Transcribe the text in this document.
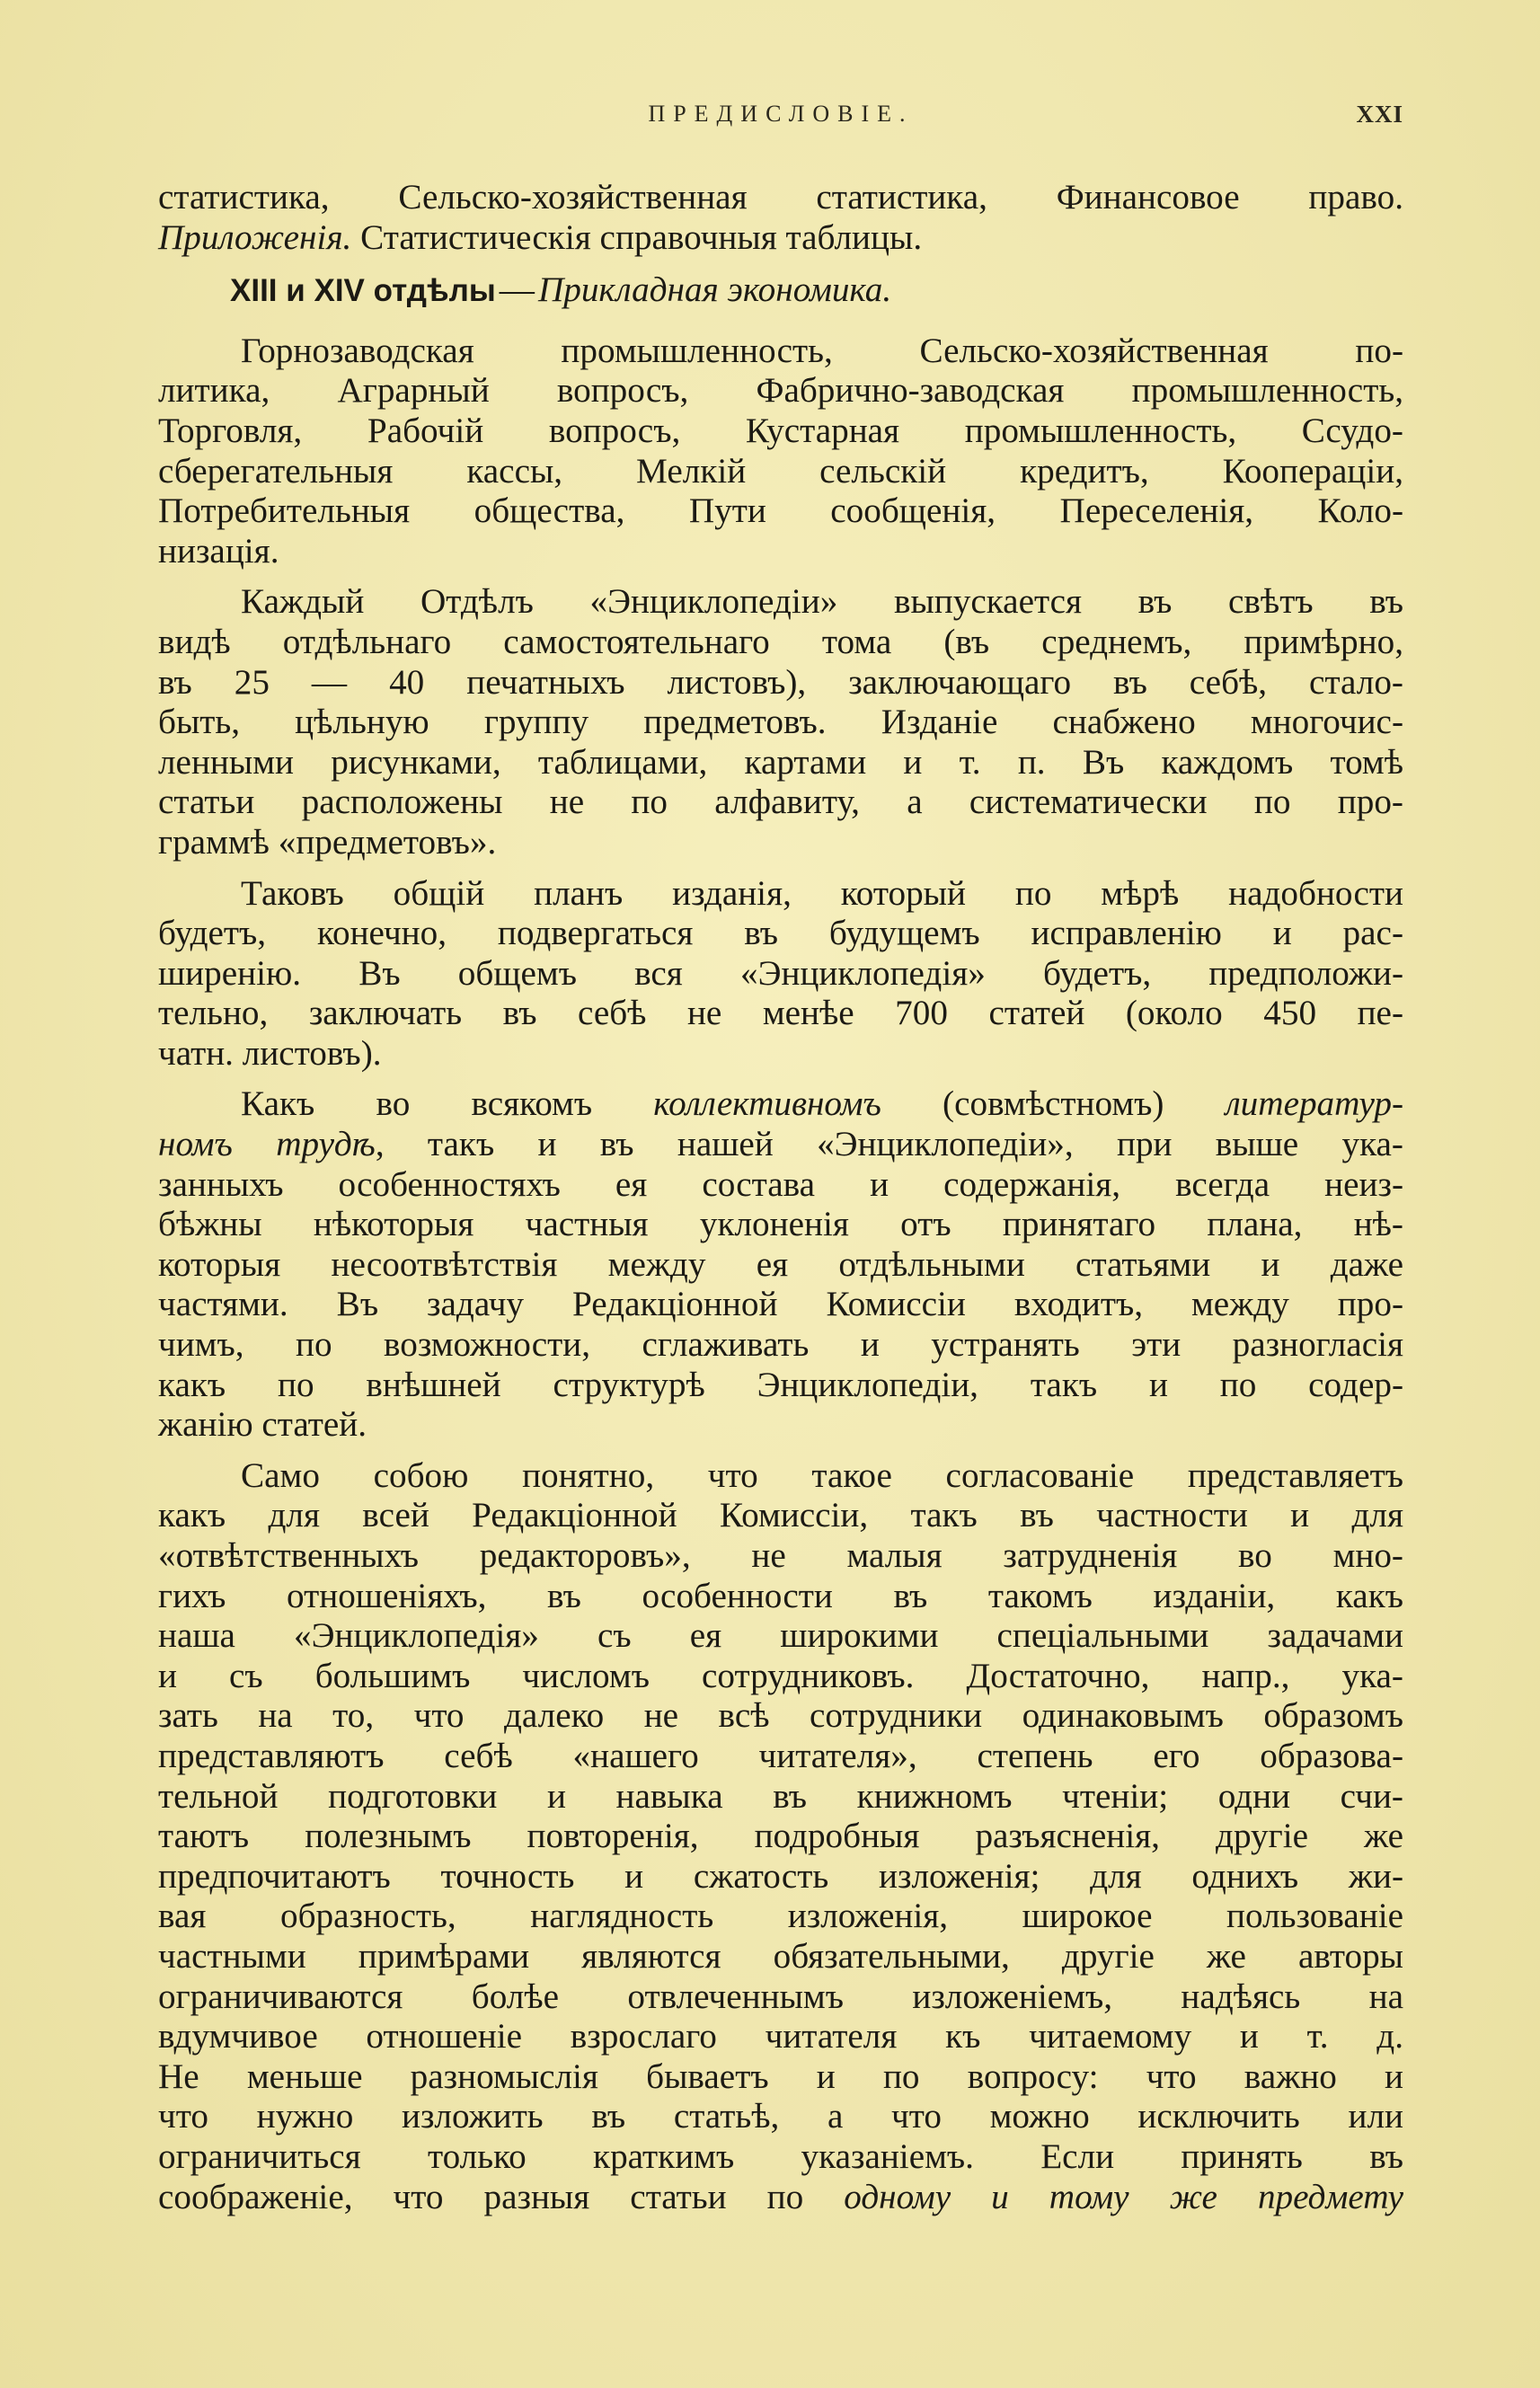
ПРЕДИСЛОВІЕ.	XXI

статистика, Сельско-хозяйственная статистика, Финансовое право.
Приложенія. Статистическія справочныя таблицы.

XIII и XIV отдѣлы — Прикладная экономика.

Горнозаводская промышленность, Сельско-хозяйственная по-
литика, Аграрный вопросъ, Фабрично-заводская промышленность,
Торговля, Рабочій вопросъ, Кустарная промышленность, Ссудо-
сберегательныя кассы, Мелкій сельскій кредитъ, Коопераціи,
Потребительныя общества, Пути сообщенія, Переселенія, Коло-
низація.

Каждый Отдѣлъ «Энциклопедіи» выпускается въ свѣтъ въ
видѣ отдѣльнаго самостоятельнаго тома (въ среднемъ, примѣрно,
въ 25 — 40 печатныхъ листовъ), заключающаго въ себѣ, стало-
быть, цѣльную группу предметовъ. Изданіе снабжено многочис-
ленными рисунками, таблицами, картами и т. п. Въ каждомъ томѣ
статьи расположены не по алфавиту, а систематически по про-
граммѣ «предметовъ».

Таковъ общій планъ изданія, который по мѣрѣ надобности
будетъ, конечно, подвергаться въ будущемъ исправленію и рас-
ширенію. Въ общемъ вся «Энциклопедія» будетъ, предположи-
тельно, заключать въ себѣ не менѣе 700 статей (около 450 пе-
чатн. листовъ).

Какъ во всякомъ коллективномъ (совмѣстномъ) литератур-
номъ трудѣ, такъ и въ нашей «Энциклопедіи», при выше ука-
занныхъ особенностяхъ ея состава и содержанія, всегда неиз-
бѣжны нѣкоторыя частныя уклоненія отъ принятаго плана, нѣ-
которыя несоотвѣтствія между ея отдѣльными статьями и даже
частями. Въ задачу Редакціонной Комиссіи входитъ, между про-
чимъ, по возможности, сглаживать и устранять эти разногласія
какъ по внѣшней структурѣ Энциклопедіи, такъ и по содер-
жанію статей.

Само собою понятно, что такое согласованіе представляетъ
какъ для всей Редакціонной Комиссіи, такъ въ частности и для
«отвѣтственныхъ редакторовъ», не малыя затрудненія во мно-
гихъ отношеніяхъ, въ особенности въ такомъ изданіи, какъ
наша «Энциклопедія» съ ея широкими спеціальными задачами
и съ большимъ числомъ сотрудниковъ. Достаточно, напр., ука-
зать на то, что далеко не всѣ сотрудники одинаковымъ образомъ
представляютъ себѣ «нашего читателя», степень его образова-
тельной подготовки и навыка въ книжномъ чтеніи; одни счи-
таютъ полезнымъ повторенія, подробныя разъясненія, другіе же
предпочитаютъ точность и сжатость изложенія; для однихъ жи-
вая образность, наглядность изложенія, широкое пользованіе
частными примѣрами являются обязательными, другіе же авторы
ограничиваются болѣе отвлеченнымъ изложеніемъ, надѣясь на
вдумчивое отношеніе взрослаго читателя къ читаемому и т. д.
Не меньше разномыслія бываетъ и по вопросу: что важно и
что нужно изложить въ статьѣ, а что можно исключить или
ограничиться только краткимъ указаніемъ. Если принять въ
соображеніе, что разныя статьи по одному и тому же предмету
